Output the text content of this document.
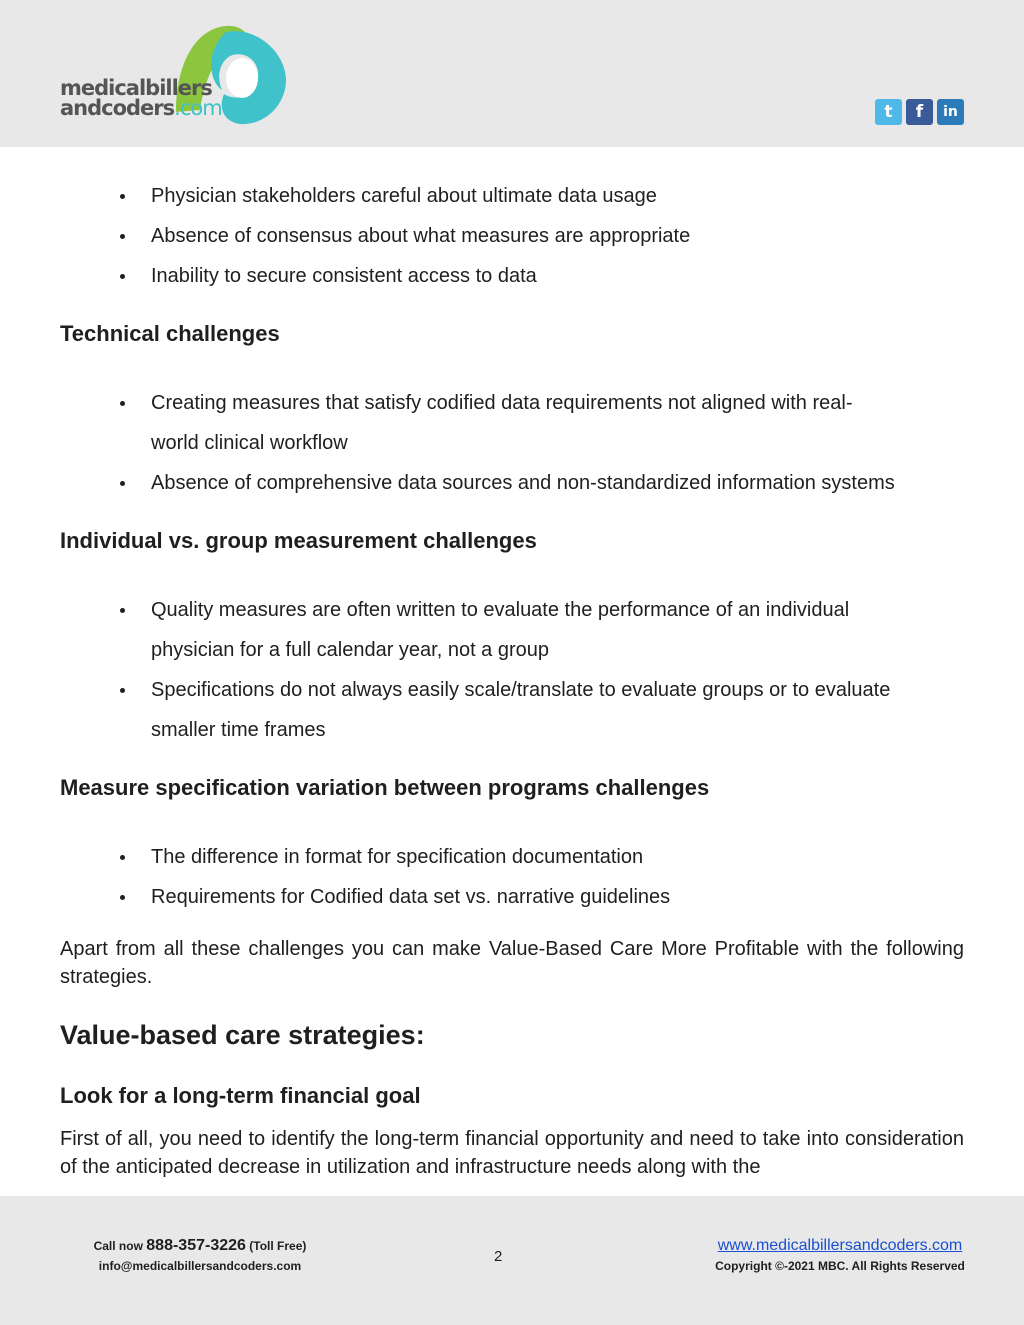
medicalbillers
andcoders.com	t	f	in
Physician stakeholders careful about ultimate data usage
Absence of consensus about what measures are appropriate
Inability to secure consistent access to data
Technical challenges
Creating measures that satisfy codified data requirements not aligned with real-
world clinical workflow
Absence of comprehensive data sources and non-standardized information systems
Individual vs. group measurement challenges
Quality measures are often written to evaluate the performance of an individual
physician for a full calendar year, not a group
Specifications do not always easily scale/translate to evaluate groups or to evaluate
smaller time frames
Measure specification variation between programs challenges
The difference in format for specification documentation
Requirements for Codified data set vs. narrative guidelines

Apart from all these challenges you can make Value-Based Care More Profitable with the following strategies.

Value-based care strategies:
Look for a long-term financial goal

First of all, you need to identify the long-term financial opportunity and need to take into consideration of the anticipated decrease in utilization and infrastructure needs along with the

Call now 888-357-3226 (Toll Free)
info@medicalbillersandcoders.com
2
www.medicalbillersandcoders.com
Copyright ©-2021 MBC. All Rights Reserved
